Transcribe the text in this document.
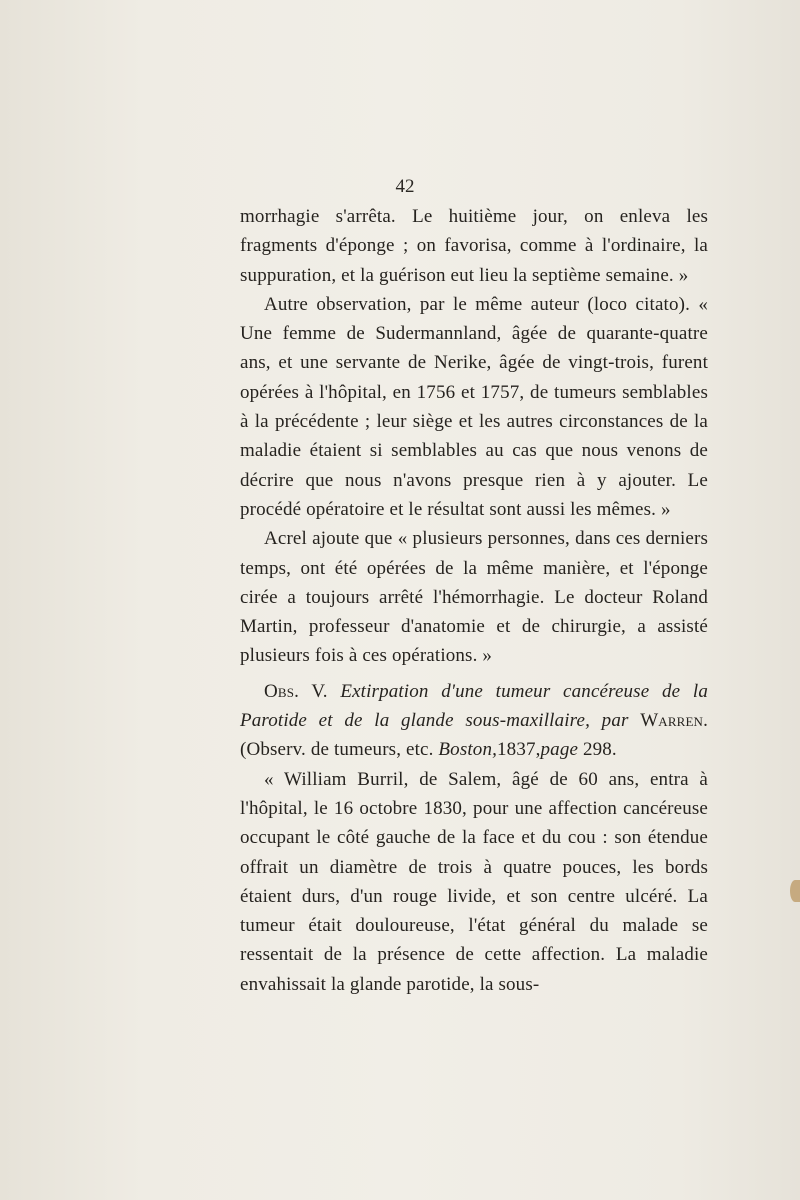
42

morrhagie s'arrêta. Le huitième jour, on enleva les fragments d'éponge ; on favorisa, comme à l'ordinaire, la suppuration, et la guérison eut lieu la septième semaine. »

Autre observation, par le même auteur (loco citato). « Une femme de Sudermannland, âgée de quarante-quatre ans, et une servante de Nerike, âgée de vingt-trois, furent opérées à l'hôpital, en 1756 et 1757, de tumeurs semblables à la précédente ; leur siège et les autres circonstances de la maladie étaient si semblables au cas que nous venons de décrire que nous n'avons presque rien à y ajouter. Le procédé opératoire et le résultat sont aussi les mêmes. »

Acrel ajoute que « plusieurs personnes, dans ces derniers temps, ont été opérées de la même manière, et l'éponge cirée a toujours arrêté l'hémorrhagie. Le docteur Roland Martin, professeur d'anatomie et de chirurgie, a assisté plusieurs fois à ces opérations. »

Obs. V. Extirpation d'une tumeur cancéreuse de la Parotide et de la glande sous-maxillaire, par Warren. (Observ. de tumeurs, etc. Boston,1837,page 298.

« William Burril, de Salem, âgé de 60 ans, entra à l'hôpital, le 16 octobre 1830, pour une affection cancéreuse occupant le côté gauche de la face et du cou : son étendue offrait un diamètre de trois à quatre pouces, les bords étaient durs, d'un rouge livide, et son centre ulcéré. La tumeur était douloureuse, l'état général du malade se ressentait de la présence de cette affection. La maladie envahissait la glande parotide, la sous-
